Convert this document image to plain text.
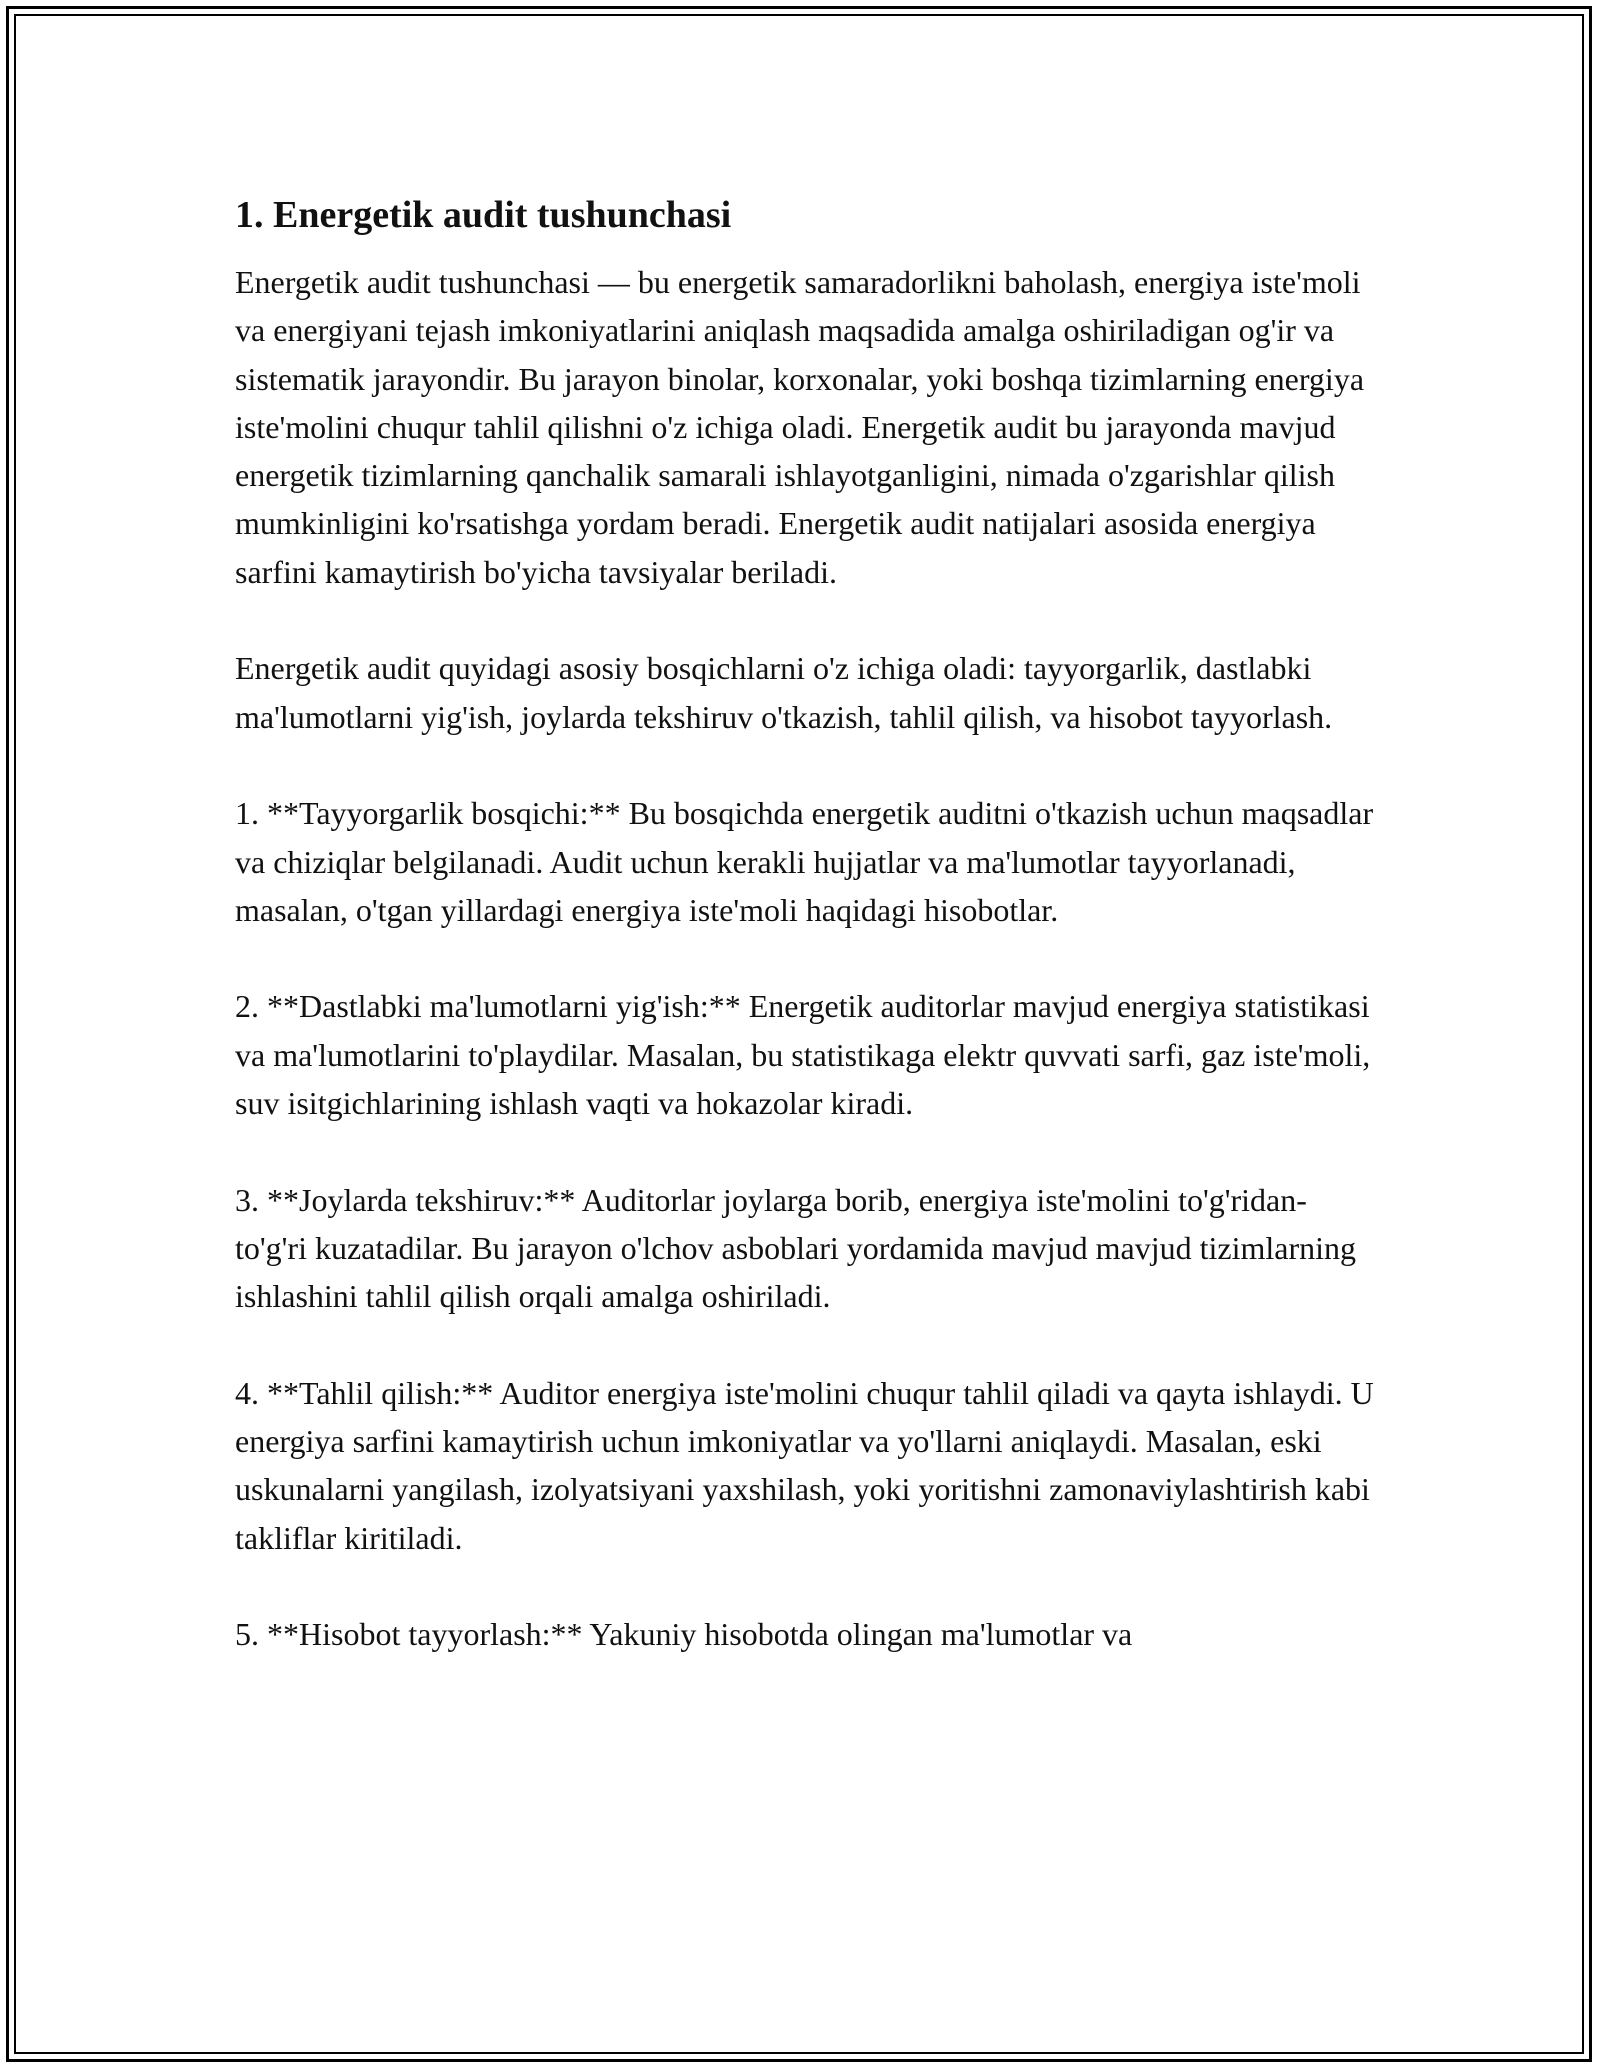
1. Energetik audit tushunchasi

Energetik audit tushunchasi — bu energetik samaradorlikni baholash, energiya iste'moli va energiyani tejash imkoniyatlarini aniqlash maqsadida amalga oshiriladigan og'ir va sistematik jarayondir. Bu jarayon binolar, korxonalar, yoki boshqa tizimlarning energiya iste'molini chuqur tahlil qilishni o'z ichiga oladi. Energetik audit bu jarayonda mavjud energetik tizimlarning qanchalik samarali ishlayotganligini, nimada o'zgarishlar qilish mumkinligini ko'rsatishga yordam beradi. Energetik audit natijalari asosida energiya sarfini kamaytirish bo'yicha tavsiyalar beriladi.

Energetik audit quyidagi asosiy bosqichlarni o'z ichiga oladi: tayyorgarlik, dastlabki ma'lumotlarni yig'ish, joylarda tekshiruv o'tkazish, tahlil qilish, va hisobot tayyorlash.

1. **Tayyorgarlik bosqichi:** Bu bosqichda energetik auditni o'tkazish uchun maqsadlar va chiziqlar belgilanadi. Audit uchun kerakli hujjatlar va ma'lumotlar tayyorlanadi, masalan, o'tgan yillardagi energiya iste'moli haqidagi hisobotlar.

2. **Dastlabki ma'lumotlarni yig'ish:** Energetik auditorlar mavjud energiya statistikasi va ma'lumotlarini to'playdilar. Masalan, bu statistikaga elektr quvvati sarfi, gaz iste'moli, suv isitgichlarining ishlash vaqti va hokazolar kiradi.

3. **Joylarda tekshiruv:** Auditorlar joylarga borib, energiya iste'molini to'g'ridan-to'g'ri kuzatadilar. Bu jarayon o'lchov asboblari yordamida mavjud mavjud tizimlarning ishlashini tahlil qilish orqali amalga oshiriladi.

4. **Tahlil qilish:** Auditor energiya iste'molini chuqur tahlil qiladi va qayta ishlaydi. U energiya sarfini kamaytirish uchun imkoniyatlar va yo'llarni aniqlaydi. Masalan, eski uskunalarni yangilash, izolyatsiyani yaxshilash, yoki yoritishni zamonaviylashtirish kabi takliflar kiritiladi.

5. **Hisobot tayyorlash:** Yakuniy hisobotda olingan ma'lumotlar va
